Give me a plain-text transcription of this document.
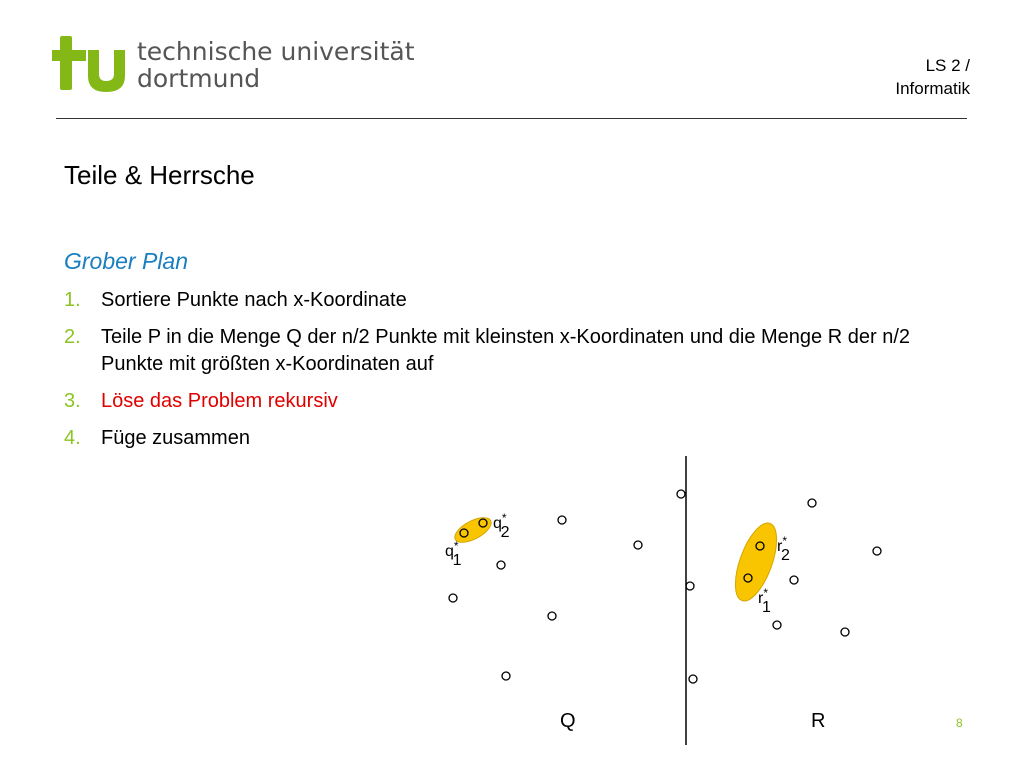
technische universität
dortmund	LS 2 /
Informatik
Teile & Herrsche
Grober Plan
1. Sortiere Punkte nach x-Koordinate
2. Teile P in die Menge Q der n/2 Punkte mit kleinsten x-Koordinaten und die Menge R der n/2 Punkte mit größten x-Koordinaten auf
3. Löse das Problem rekursiv
4. Füge zusammen
q* 2
q* 1
r* 2
r* 1
Q	R	8
